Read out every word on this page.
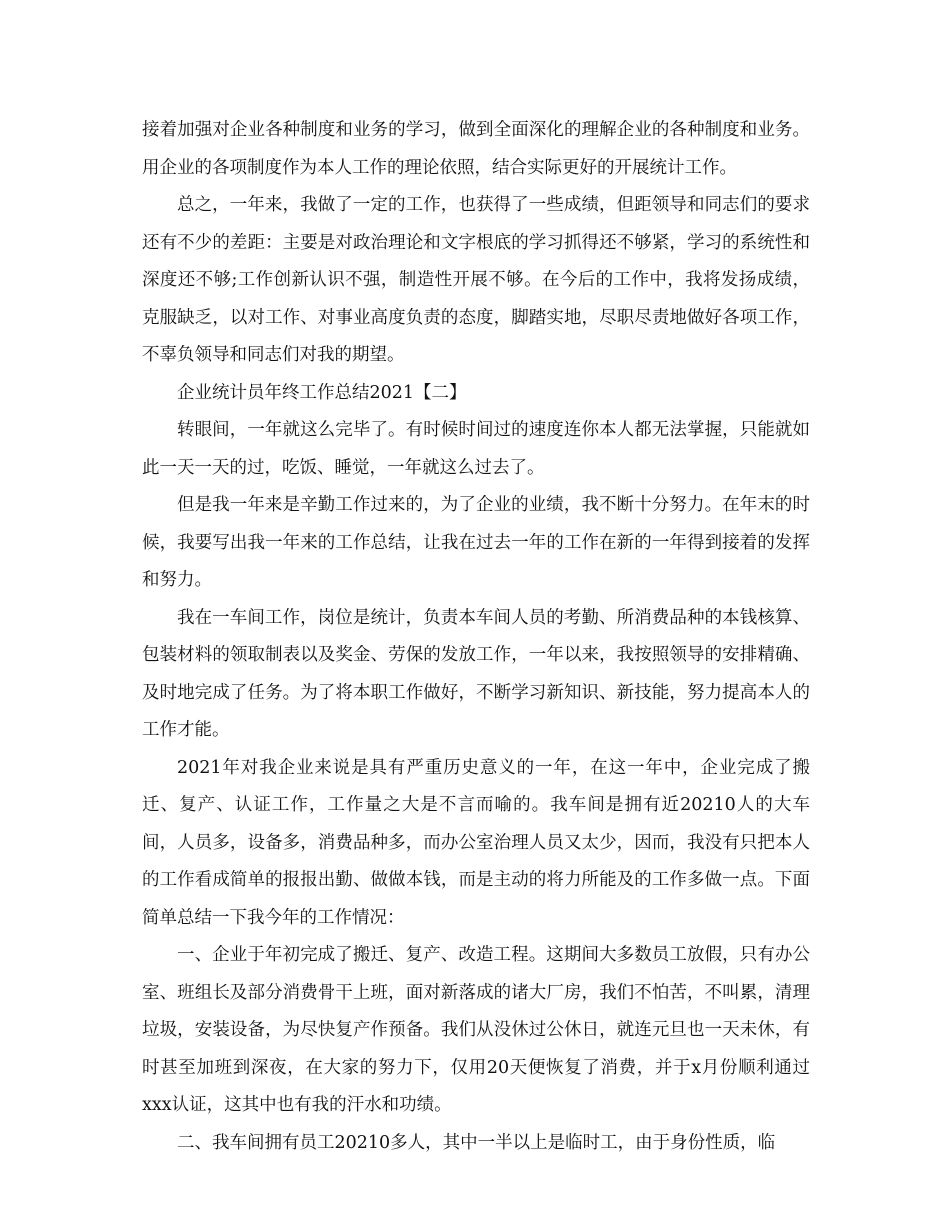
接着加强对企业各种制度和业务的学习，做到全面深化的理解企业的各种制度和业务。用企业的各项制度作为本人工作的理论依照，结合实际更好的开展统计工作。

总之，一年来，我做了一定的工作，也获得了一些成绩，但距领导和同志们的要求还有不少的差距：主要是对政治理论和文字根底的学习抓得还不够紧，学习的系统性和深度还不够;工作创新认识不强，制造性开展不够。在今后的工作中，我将发扬成绩，克服缺乏，以对工作、对事业高度负责的态度，脚踏实地，尽职尽责地做好各项工作，不辜负领导和同志们对我的期望。

企业统计员年终工作总结2021【二】

转眼间，一年就这么完毕了。有时候时间过的速度连你本人都无法掌握，只能就如此一天一天的过，吃饭、睡觉，一年就这么过去了。

但是我一年来是辛勤工作过来的，为了企业的业绩，我不断十分努力。在年末的时候，我要写出我一年来的工作总结，让我在过去一年的工作在新的一年得到接着的发挥和努力。

我在一车间工作，岗位是统计，负责本车间人员的考勤、所消费品种的本钱核算、包装材料的领取制表以及奖金、劳保的发放工作，一年以来，我按照领导的安排精确、及时地完成了任务。为了将本职工作做好，不断学习新知识、新技能，努力提高本人的工作才能。

2021年对我企业来说是具有严重历史意义的一年，在这一年中，企业完成了搬迁、复产、认证工作，工作量之大是不言而喻的。我车间是拥有近20210人的大车间，人员多，设备多，消费品种多，而办公室治理人员又太少，因而，我没有只把本人的工作看成简单的报报出勤、做做本钱，而是主动的将力所能及的工作多做一点。下面简单总结一下我今年的工作情况：

一、企业于年初完成了搬迁、复产、改造工程。这期间大多数员工放假，只有办公室、班组长及部分消费骨干上班，面对新落成的诸大厂房，我们不怕苦，不叫累，清理垃圾，安装设备，为尽快复产作预备。我们从没休过公休日，就连元旦也一天未休，有时甚至加班到深夜，在大家的努力下，仅用20天便恢复了消费，并于x月份顺利通过xxx认证，这其中也有我的汗水和功绩。

二、我车间拥有员工20210多人，其中一半以上是临时工，由于身份性质，临
